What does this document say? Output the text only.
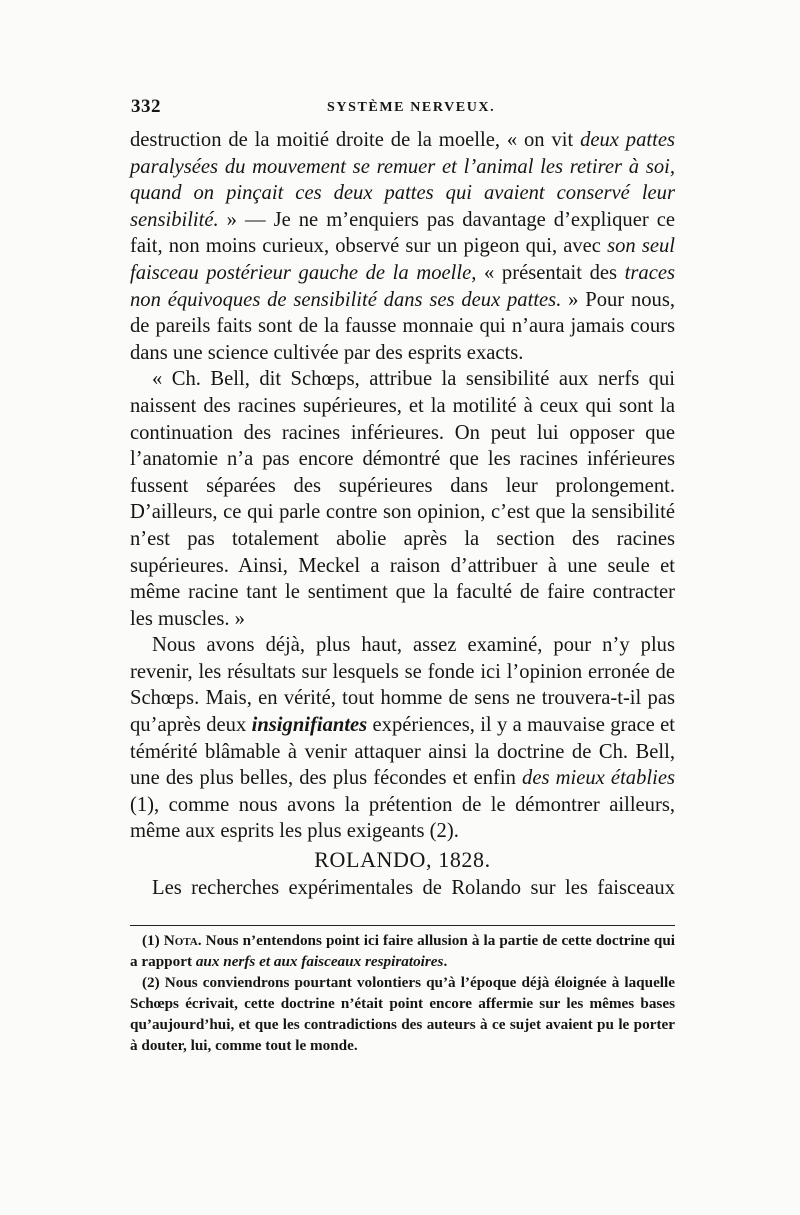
332	SYSTÈME NERVEUX.

destruction de la moitié droite de la moelle, « on vit deux pattes paralysées du mouvement se remuer et l’animal les retirer à soi, quand on pinçait ces deux pattes qui avaient conservé leur sensibilité. » — Je ne m’enquiers pas davantage d’expliquer ce fait, non moins curieux, observé sur un pigeon qui, avec son seul faisceau postérieur gauche de la moelle, « présentait des traces non équivoques de sensibilité dans ses deux pattes. » Pour nous, de pareils faits sont de la fausse monnaie qui n’aura jamais cours dans une science cultivée par des esprits exacts.

« Ch. Bell, dit Schœps, attribue la sensibilité aux nerfs qui naissent des racines supérieures, et la motilité à ceux qui sont la continuation des racines inférieures. On peut lui opposer que l’anatomie n’a pas encore démontré que les racines inférieures fussent séparées des supérieures dans leur prolongement. D’ailleurs, ce qui parle contre son opinion, c’est que la sensibilité n’est pas totalement abolie après la section des racines supérieures. Ainsi, Meckel a raison d’attribuer à une seule et même racine tant le sentiment que la faculté de faire contracter les muscles. »

Nous avons déjà, plus haut, assez examiné, pour n’y plus revenir, les résultats sur lesquels se fonde ici l’opinion erronée de Schœps. Mais, en vérité, tout homme de sens ne trouvera-t-il pas qu’après deux insignifiantes expériences, il y a mauvaise grace et témérité blâmable à venir attaquer ainsi la doctrine de Ch. Bell, une des plus belles, des plus fécondes et enfin des mieux établies (1), comme nous avons la prétention de le démontrer ailleurs, même aux esprits les plus exigeants (2).

ROLANDO, 1828.

Les recherches expérimentales de Rolando sur les faisceaux

(1) Nota. Nous n’entendons point ici faire allusion à la partie de cette doctrine qui a rapport aux nerfs et aux faisceaux respiratoires.

(2) Nous conviendrons pourtant volontiers qu’à l’époque déjà éloignée à laquelle Schœps écrivait, cette doctrine n’était point encore affermie sur les mêmes bases qu’aujourd’hui, et que les contradictions des auteurs à ce sujet avaient pu le porter à douter, lui, comme tout le monde.
